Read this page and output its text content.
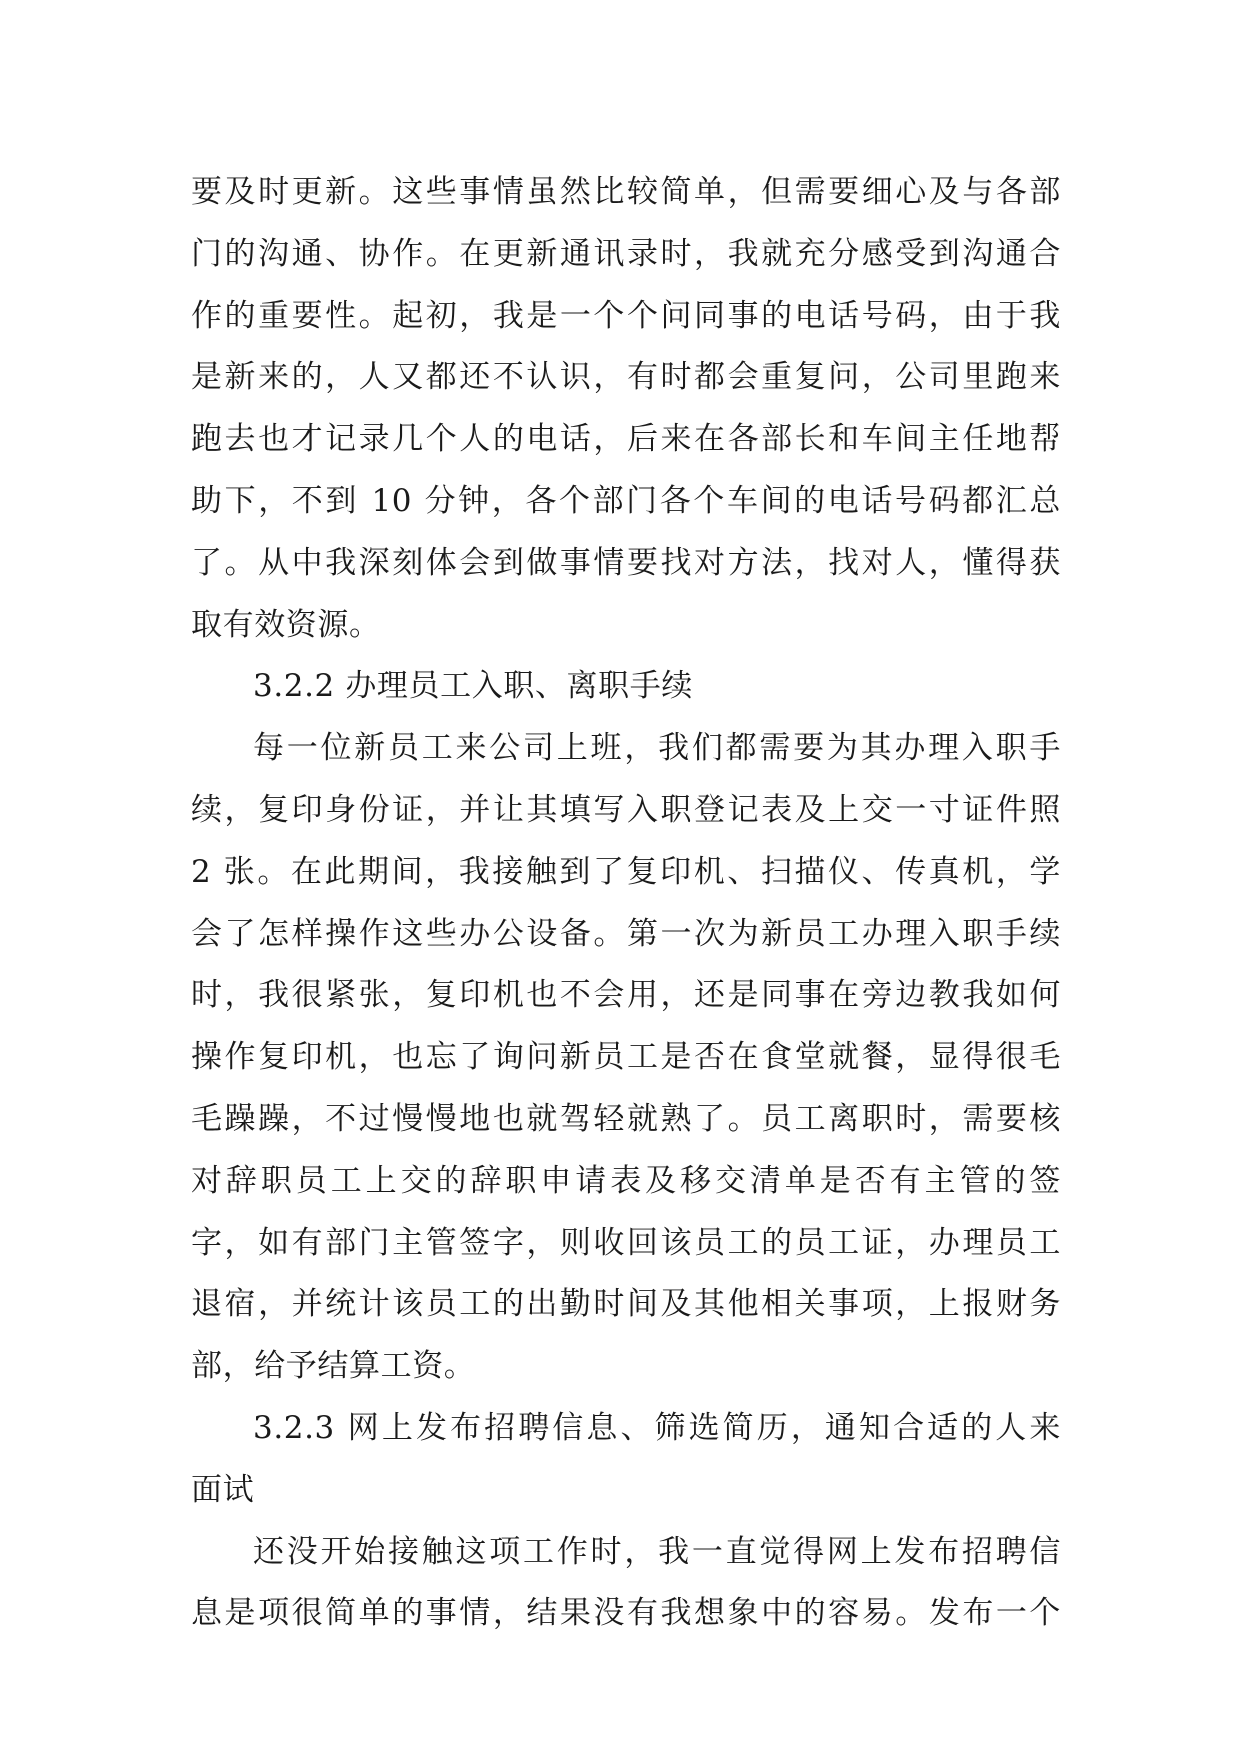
要及时更新。这些事情虽然比较简单，但需要细心及与各部
门的沟通、协作。在更新通讯录时，我就充分感受到沟通合
作的重要性。起初，我是一个个问同事的电话号码，由于我
是新来的，人又都还不认识，有时都会重复问，公司里跑来
跑去也才记录几个人的电话，后来在各部长和车间主任地帮
助下，不到 10 分钟，各个部门各个车间的电话号码都汇总
了。从中我深刻体会到做事情要找对方法，找对人，懂得获
取有效资源。
3.2.2 办理员工入职、离职手续
每一位新员工来公司上班，我们都需要为其办理入职手
续，复印身份证，并让其填写入职登记表及上交一寸证件照
2 张。在此期间，我接触到了复印机、扫描仪、传真机，学
会了怎样操作这些办公设备。第一次为新员工办理入职手续
时，我很紧张，复印机也不会用，还是同事在旁边教我如何
操作复印机，也忘了询问新员工是否在食堂就餐，显得很毛
毛躁躁，不过慢慢地也就驾轻就熟了。员工离职时，需要核
对辞职员工上交的辞职申请表及移交清单是否有主管的签
字，如有部门主管签字，则收回该员工的员工证，办理员工
退宿，并统计该员工的出勤时间及其他相关事项，上报财务
部，给予结算工资。
3.2.3 网上发布招聘信息、筛选简历，通知合适的人来
面试
还没开始接触这项工作时，我一直觉得网上发布招聘信
息是项很简单的事情，结果没有我想象中的容易。发布一个
